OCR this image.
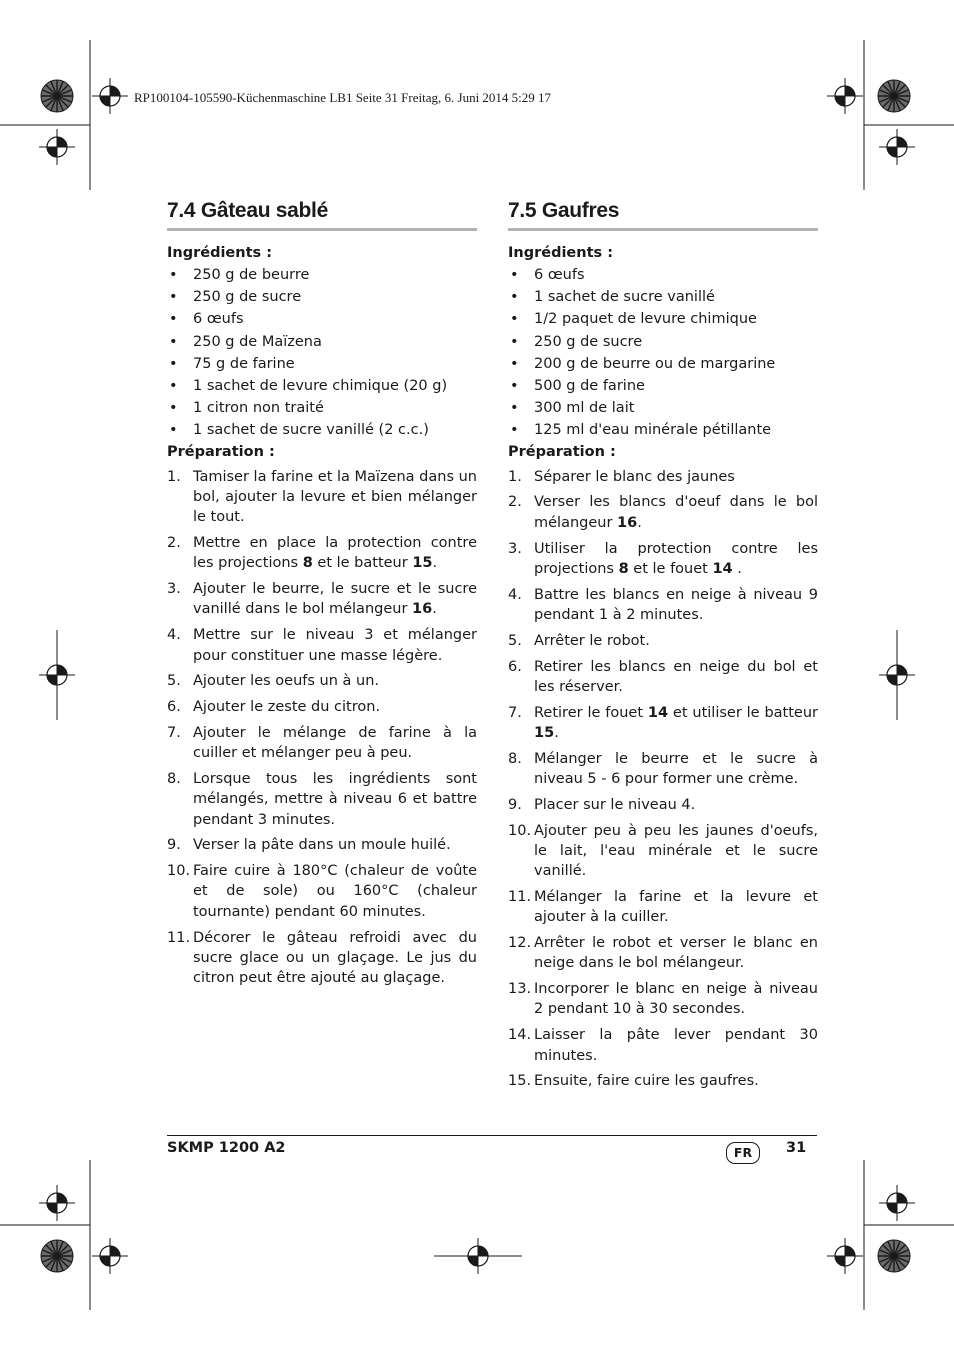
RP100104-105590-Küchenmaschine LB1 Seite 31 Freitag, 6. Juni 2014 5:29 17
7.4 Gâteau sablé

Ingrédients :

• 250 g de beurre
• 250 g de sucre
• 6 œufs
• 250 g de Maïzena
• 75 g de farine
• 1 sachet de levure chimique (20 g)
• 1 citron non traité
• 1 sachet de sucre vanillé (2 c.c.)

Préparation :

1. Tamiser la farine et la Maïzena dans un bol, ajouter la levure et bien mélanger le tout.
2. Mettre en place la protection contre les projections 8 et le batteur 15.
3. Ajouter le beurre, le sucre et le sucre vanillé dans le bol mélangeur 16.
4. Mettre sur le niveau 3 et mélanger pour constituer une masse légère.
5. Ajouter les oeufs un à un.
6. Ajouter le zeste du citron.
7. Ajouter le mélange de farine à la cuiller et mélanger peu à peu.
8. Lorsque tous les ingrédients sont mélangés, mettre à niveau 6 et battre pendant 3 minutes.
9. Verser la pâte dans un moule huilé.
10. Faire cuire à 180°C (chaleur de voûte et de sole) ou 160°C (chaleur tournante) pendant 60 minutes.
11. Décorer le gâteau refroidi avec du sucre glace ou un glaçage. Le jus du citron peut être ajouté au glaçage.
7.5 Gaufres

Ingrédients :

• 6 œufs
• 1 sachet de sucre vanillé
• 1/2 paquet de levure chimique
• 250 g de sucre
• 200 g de beurre ou de margarine
• 500 g de farine
• 300 ml de lait
• 125 ml d'eau minérale pétillante

Préparation :

1. Séparer le blanc des jaunes
2. Verser les blancs d'oeuf dans le bol mélangeur 16.
3. Utiliser la protection contre les projections 8 et le fouet 14 .
4. Battre les blancs en neige à niveau 9 pendant 1 à 2 minutes.
5. Arrêter le robot.
6. Retirer les blancs en neige du bol et les réserver.
7. Retirer le fouet 14 et utiliser le batteur 15.
8. Mélanger le beurre et le sucre à niveau 5 - 6 pour former une crème.
9. Placer sur le niveau 4.
10. Ajouter peu à peu les jaunes d'oeufs, le lait, l'eau minérale et le sucre vanillé.
11. Mélanger la farine et la levure et ajouter à la cuiller.
12. Arrêter le robot et verser le blanc en neige dans le bol mélangeur.
13. Incorporer le blanc en neige à niveau 2 pendant 10 à 30 secondes.
14. Laisser la pâte lever pendant 30 minutes.
15. Ensuite, faire cuire les gaufres.
SKMP 1200 A2	FR	31
